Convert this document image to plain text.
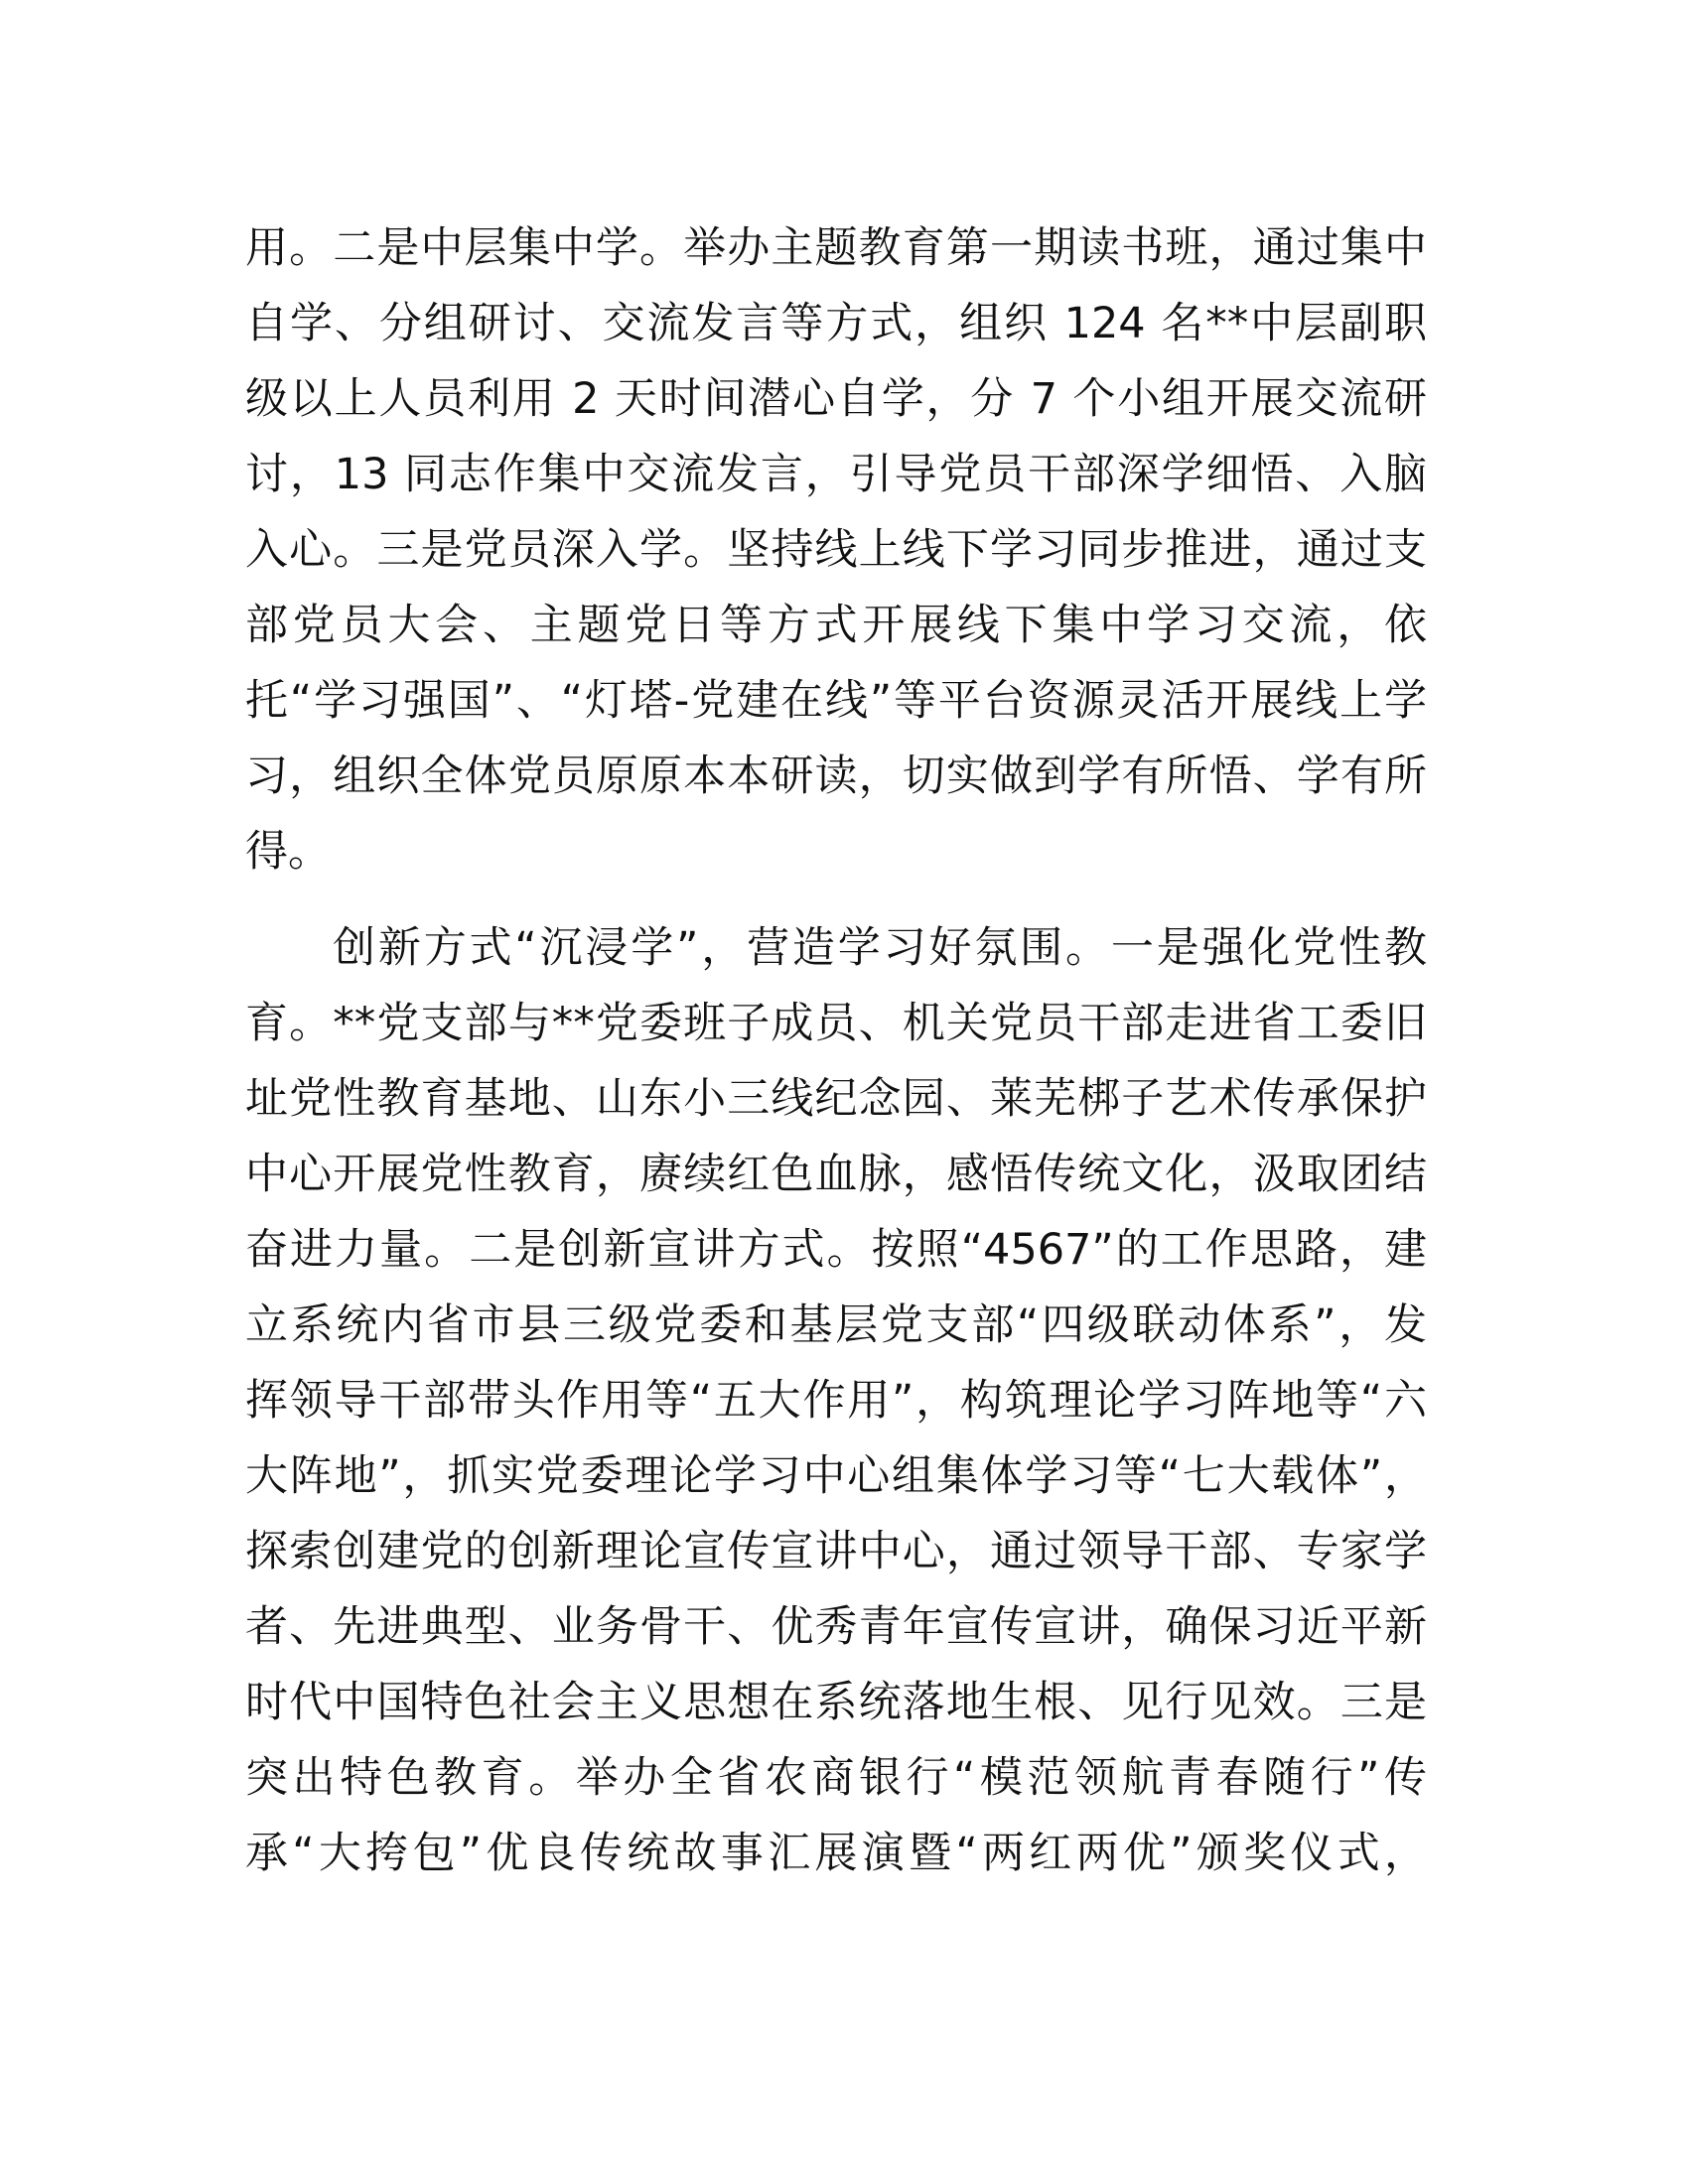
用。二是中层集中学。举办主题教育第一期读书班，通过集中
自学、分组研讨、交流发言等方式，组织 124 名**中层副职
级以上人员利用 2 天时间潜心自学，分 7 个小组开展交流研
讨，13 同志作集中交流发言，引导党员干部深学细悟、入脑
入心。三是党员深入学。坚持线上线下学习同步推进，通过支
部党员大会、主题党日等方式开展线下集中学习交流，依
托“学习强国”、“灯塔-党建在线”等平台资源灵活开展线上学
习，组织全体党员原原本本研读，切实做到学有所悟、学有所
得。
创新方式“沉浸学”，营造学习好氛围。一是强化党性教
育。**党支部与**党委班子成员、机关党员干部走进省工委旧
址党性教育基地、山东小三线纪念园、莱芜梆子艺术传承保护
中心开展党性教育，赓续红色血脉，感悟传统文化，汲取团结
奋进力量。二是创新宣讲方式。按照“4567”的工作思路，建
立系统内省市县三级党委和基层党支部“四级联动体系”，发
挥领导干部带头作用等“五大作用”，构筑理论学习阵地等“六
大阵地”，抓实党委理论学习中心组集体学习等“七大载体”，
探索创建党的创新理论宣传宣讲中心，通过领导干部、专家学
者、先进典型、业务骨干、优秀青年宣传宣讲，确保习近平新
时代中国特色社会主义思想在系统落地生根、见行见效。三是
突出特色教育。举办全省农商银行“模范领航青春随行”传
承“大挎包”优良传统故事汇展演暨“两红两优”颁奖仪式，
